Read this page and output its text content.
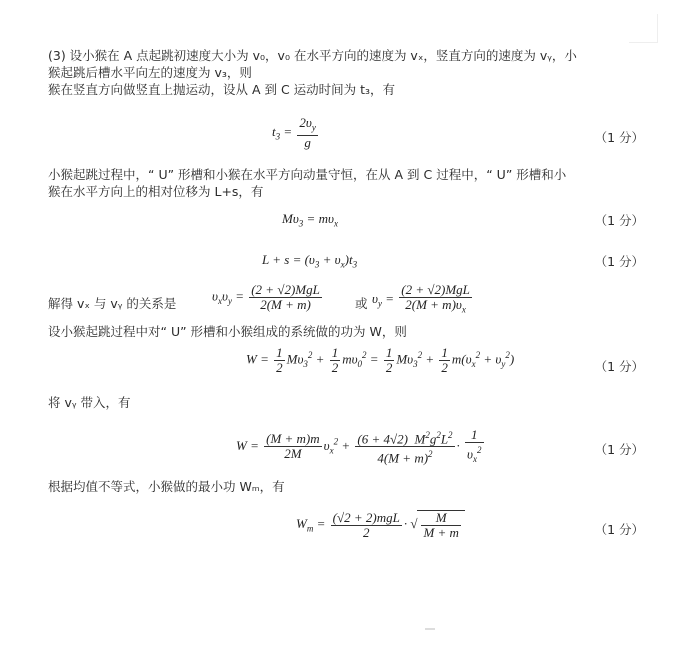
(3) 设小猴在 A 点起跳初速度大小为 v₀，v₀ 在水平方向的速度为 vₓ，竖直方向的速度为 vᵧ，小
猴起跳后槽水平向左的速度为 v₃，则
猴在竖直方向做竖直上抛运动，设从 A 到 C 运动时间为 t₃，有
$t_3 = \frac{2\upsilon_y}{g}$	（1 分）
小猴起跳过程中，“ U” 形槽和小猴在水平方向动量守恒，在从 A 到 C 过程中，“ U” 形槽和小
猴在水平方向上的相对位移为 L+s，有
$M\upsilon_3 = m\upsilon_x$	（1 分）
$L + s = (\upsilon_3 + \upsilon_x)t_3$	（1 分）
解得 vₓ 与 vᵧ 的关系是
$\upsilon_x\upsilon_y = (2 + √2)MgL$
2(M + m)	或 $\upsilon_y$ =
(2 + √2)MgL
$2(M + m)\upsilon_x$
设小猴起跳过程中对“ U” 形槽和小猴组成的系统做的功为 W，则
$W = \frac{1}{2} M\upsilon_3^2 + \frac{1}{2} m\upsilon_0^2 = \frac{1}{2} M\upsilon_3^2 + \frac{1}{2} m(\upsilon_x^2 + \upsilon_y^2)$
（1 分）
将 vᵧ 带入，有
$W = \frac{(M + m)m}{2M} \upsilon_x^2 + \frac{(6 + 4√2) M^2g^2L^2}{4(M + m)^2} \cdot \frac{1}{\upsilon_x^2}$	（1 分）
根据均值不等式，小猴做的最小功 Wₘ，有
$W_m = (√2 + 2)mgL$
2
· √ $\frac{M}{M + m}$	（1 分）
